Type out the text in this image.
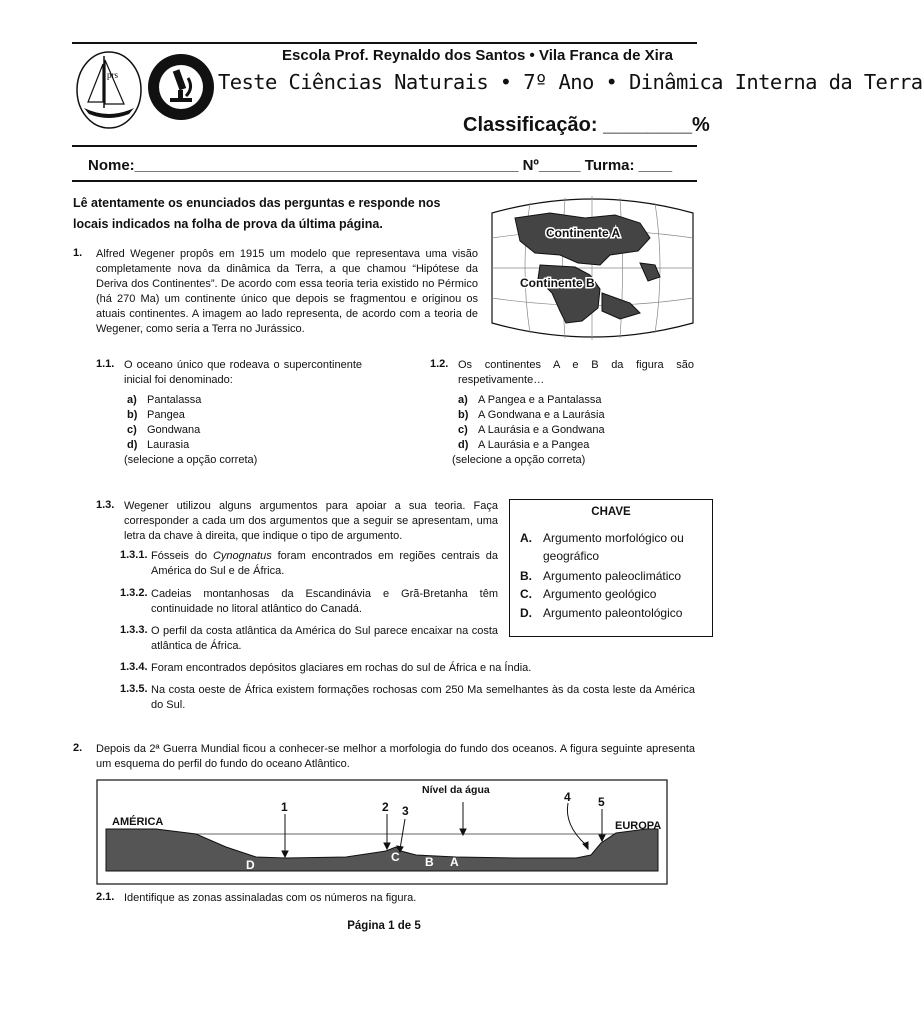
prs
Escola Prof. Reynaldo dos Santos • Vila Franca de Xira
Teste Ciências Naturais • 7º Ano • Dinâmica Interna da Terra
Classificação: ________%
Nome:______________________________________________ Nº_____ Turma: ____
Lê atentamente os enunciados das perguntas e responde nos locais indicados na folha de prova da última página.
Continente A
Continente B
1. Alfred Wegener propôs em 1915 um modelo que representava uma visão completamente nova da dinâmica da Terra, a que chamou “Hipótese da Deriva dos Continentes”. De acordo com essa teoria teria existido no Pérmico (há 270 Ma) um continente único que depois se fragmentou e originou os atuais continentes. A imagem ao lado representa, de acordo com a teoria de Wegener, como seria a Terra no Jurássico.
1.1. O oceano único que rodeava o supercontinente inicial foi denominado:
a) Pantalassa
b) Pangea
c) Gondwana
d) Laurasia
(selecione a opção correta)
1.2. Os continentes A e B da figura são respetivamente…
a) A Pangea e a Pantalassa
b) A Gondwana e a Laurásia
c) A Laurásia e a Gondwana
d) A Laurásia e a Pangea
(selecione a opção correta)
1.3. Wegener utilizou alguns argumentos para apoiar a sua teoria. Faça corresponder a cada um dos argumentos que a seguir se apresentam, uma letra da chave à direita, que indique o tipo de argumento.
1.3.1. Fósseis do Cynognatus foram encontrados em regiões centrais da América do Sul e de África.
1.3.2. Cadeias montanhosas da Escandinávia e Grã-Bretanha têm continuidade no litoral atlântico do Canadá.
1.3.3. O perfil da costa atlântica da América do Sul parece encaixar na costa atlântica de África.
1.3.4. Foram encontrados depósitos glaciares em rochas do sul de África e na Índia.
1.3.5. Na costa oeste de África existem formações rochosas com 250 Ma semelhantes às da costa leste da América do Sul.
CHAVE
A. Argumento morfológico ou geográfico
B. Argumento paleoclimático
C. Argumento geológico
D. Argumento paleontológico
2. Depois da 2ª Guerra Mundial ficou a conhecer-se melhor a morfologia do fundo dos oceanos. A figura seguinte apresenta um esquema do perfil do fundo do oceano Atlântico.
AMÉRICA	EUROPA
Nível da água
1	2 3
4 5
D
C B A
2.1. Identifique as zonas assinaladas com os números na figura.
Página 1 de 5
